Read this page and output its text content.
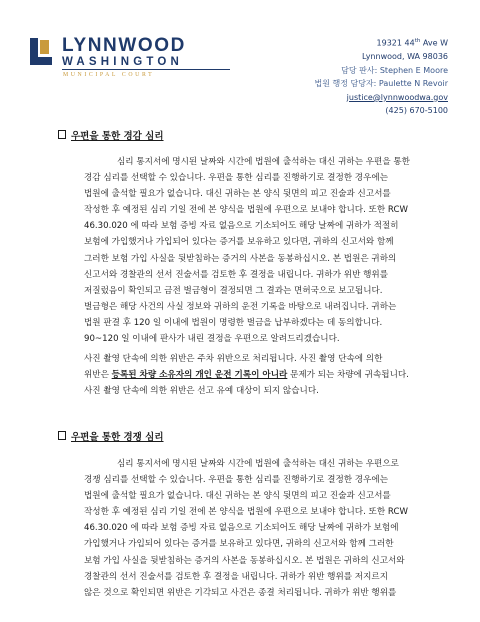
LYNNWOOD
WASHINGTON
MUNICIPAL COURT
19321 44th Ave W
Lynnwood, WA 98036
담당 판사: Stephen E Moore
법원 행정 담당자: Paulette N Revoir
justice@lynnwoodwa.gov
(425) 670-5100
우편을 통한 경감 심리
심리 통지서에 명시된 날짜와 시간에 법원에 출석하는 대신 귀하는 우편을 통한
경감 심리를 선택할 수 있습니다. 우편을 통한 심리를 진행하기로 결정한 경우에는
법원에 출석할 필요가 없습니다. 대신 귀하는 본 양식 뒷면의 피고 진술과 신고서를
작성한 후 예정된 심리 기일 전에 본 양식을 법원에 우편으로 보내야 합니다. 또한 RCW
46.30.020 에 따라 보험 증빙 자료 없음으로 기소되어도 해당 날짜에 귀하가 적절히
보험에 가입했거나 가입되어 있다는 증거를 보유하고 있다면, 귀하의 신고서와 함께
그러한 보험 가입 사실을 뒷받침하는 증거의 사본을 동봉하십시오. 본 법원은 귀하의
신고서와 경찰관의 선서 진술서를 검토한 후 결정을 내립니다. 귀하가 위반 행위를
저질렀음이 확인되고 금전 벌금형이 결정되면 그 결과는 면허국으로 보고됩니다.
벌금형은 해당 사건의 사실 정보와 귀하의 운전 기록을 바탕으로 내려집니다. 귀하는
법원 판결 후 120 일 이내에 법원이 명령한 벌금을 납부하겠다는 데 동의합니다.
90~120 일 이내에 판사가 내린 결정을 우편으로 알려드리겠습니다.
사진 촬영 단속에 의한 위반은 주차 위반으로 처리됩니다. 사진 촬영 단속에 의한
위반은 등록된 차량 소유자의 개인 운전 기록이 아니라 문제가 되는 차량에 귀속됩니다.
사진 촬영 단속에 의한 위반은 선고 유예 대상이 되지 않습니다.
우편을 통한 경쟁 심리
심리 통지서에 명시된 날짜와 시간에 법원에 출석하는 대신 귀하는 우편으로
경쟁 심리를 선택할 수 있습니다. 우편을 통한 심리를 진행하기로 결정한 경우에는
법원에 출석할 필요가 없습니다. 대신 귀하는 본 양식 뒷면의 피고 진술과 신고서를
작성한 후 예정된 심리 기일 전에 본 양식을 법원에 우편으로 보내야 합니다. 또한 RCW
46.30.020 에 따라 보험 증빙 자료 없음으로 기소되어도 해당 날짜에 귀하가 보험에
가입했거나 가입되어 있다는 증거를 보유하고 있다면, 귀하의 신고서와 함께 그러한
보험 가입 사실을 뒷받침하는 증거의 사본을 동봉하십시오. 본 법원은 귀하의 신고서와
경찰관의 선서 진술서를 검토한 후 결정을 내립니다. 귀하가 위반 행위를 저지르지
않은 것으로 확인되면 위반은 기각되고 사건은 종결 처리됩니다. 귀하가 위반 행위를
